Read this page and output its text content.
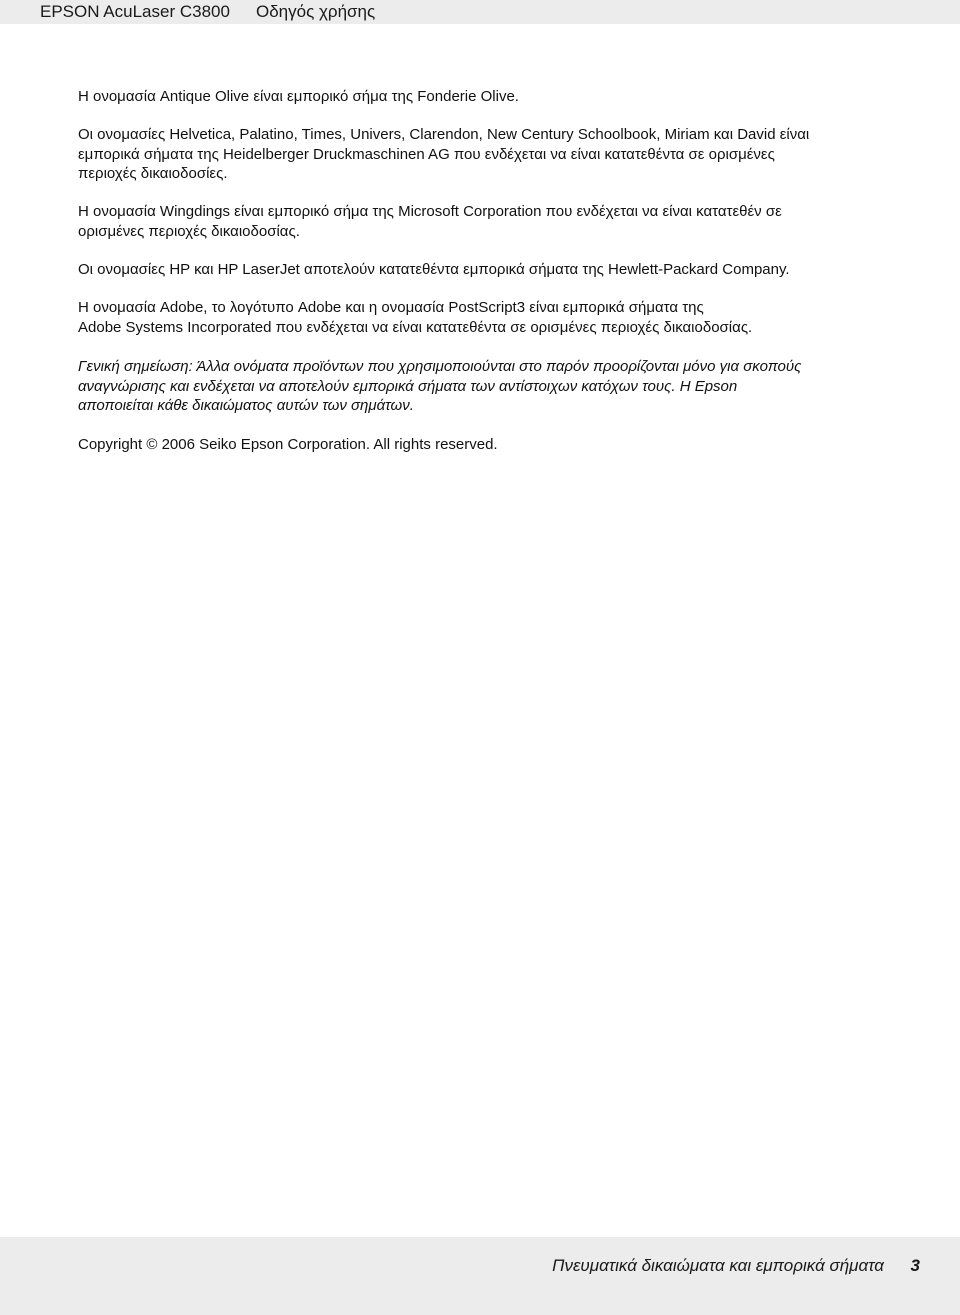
EPSON AcuLaser C3800 Οδηγός χρήσης

Η ονομασία Antique Olive είναι εμπορικό σήμα της Fonderie Olive.

Οι ονομασίες Helvetica, Palatino, Times, Univers, Clarendon, New Century Schoolbook, Miriam και David είναι
εμπορικά σήματα της Heidelberger Druckmaschinen AG που ενδέχεται να είναι κατατεθέντα σε ορισμένες
περιοχές δικαιοδοσίες.

Η ονομασία Wingdings είναι εμπορικό σήμα της Microsoft Corporation που ενδέχεται να είναι κατατεθέν σε
ορισμένες περιοχές δικαιοδοσίας.

Οι ονομασίες HP και HP LaserJet αποτελούν κατατεθέντα εμπορικά σήματα της Hewlett-Packard Company.

Η ονομασία Adobe, το λογότυπο Adobe και η ονομασία PostScript3 είναι εμπορικά σήματα της
Adobe Systems Incorporated που ενδέχεται να είναι κατατεθέντα σε ορισμένες περιοχές δικαιοδοσίας.

Γενική σημείωση: Άλλα ονόματα προϊόντων που χρησιμοποιούνται στο παρόν προορίζονται μόνο για σκοπούς
αναγνώρισης και ενδέχεται να αποτελούν εμπορικά σήματα των αντίστοιχων κατόχων τους. Η Epson
αποποιείται κάθε δικαιώματος αυτών των σημάτων.

Copyright © 2006 Seiko Epson Corporation. All rights reserved.

Πνευματικά δικαιώματα και εμπορικά σήματα 3
